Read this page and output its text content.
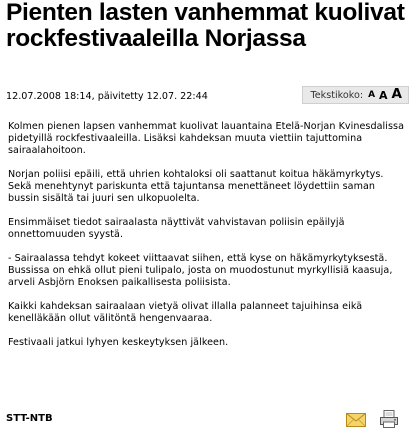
Pienten lasten vanhemmat kuolivat rockfestivaaleilla Norjassa
12.07.2008 18:14, päivitetty 12.07. 22:44	Tekstikoko: A A A

Kolmen pienen lapsen vanhemmat kuolivat lauantaina Etelä-Norjan Kvinesdalissa pidetyillä rockfestivaaleilla. Lisäksi kahdeksan muuta viettiin tajuttomina sairaalahoitoon.

Norjan poliisi epäili, että uhrien kohtaloksi oli saattanut koitua häkämyrkytys. Sekä menehtynyt pariskunta että tajuntansa menettäneet löydettiin saman bussin sisältä tai juuri sen ulkopuolelta.

Ensimmäiset tiedot sairaalasta näyttivät vahvistavan poliisin epäilyjä onnettomuuden syystä.

- Sairaalassa tehdyt kokeet viittaavat siihen, että kyse on häkämyrkytyksestä. Bussissa on ehkä ollut pieni tulipalo, josta on muodostunut myrkyllisiä kaasuja, arveli Asbjörn Enoksen paikallisesta poliisista.

Kaikki kahdeksan sairaalaan vietyä olivat illalla palanneet tajuihinsa eikä kenelläkään ollut välitöntä hengenvaaraa.

Festivaali jatkui lyhyen keskeytyksen jälkeen.

STT-NTB
